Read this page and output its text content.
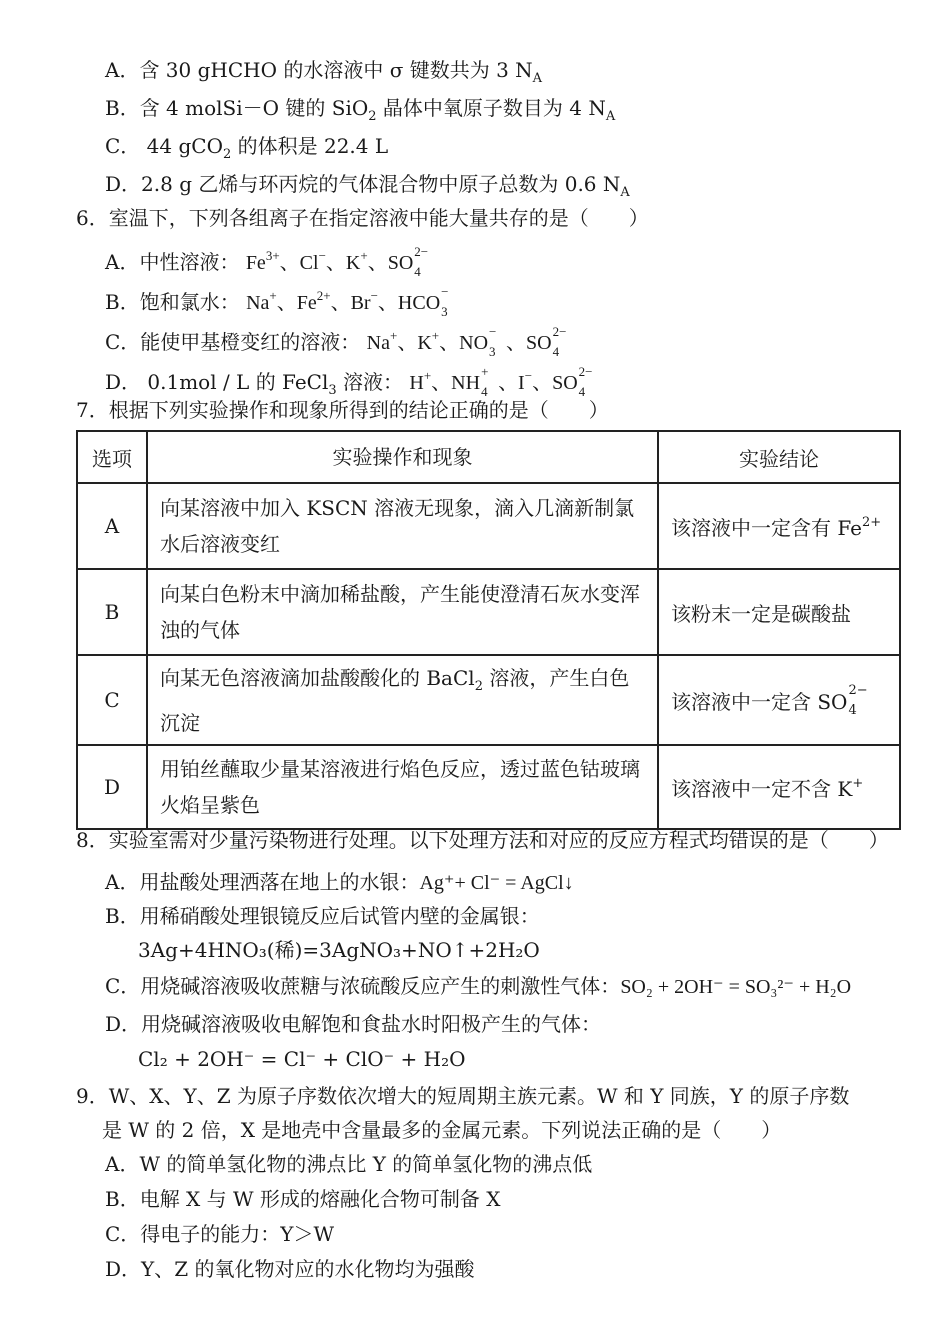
A．含 30 gHCHO 的水溶液中 σ 键数共为 3 $N_A$
B．含 4 molSi－O 键的 SiO$_2$ 晶体中氧原子数目为 4 $N_A$
C． 44 gCO$_2$ 的体积是 22.4 L
D．2.8 g 乙烯与环丙烷的气体混合物中原子总数为 0.6 $N_A$
6．室温下，下列各组离子在指定溶液中能大量共存的是（　　）
A．中性溶液： $Fe^{3+}$、Cl−、K+、SO
2−
4
B．饱和氯水： Na+、$Fe^{2+}$、Br−、HCO
−
3
C．能使甲基橙变红的溶液： Na+、K+、NO
−
3 、SO
2−
4
D． 0.1mol / L 的 FeCl$_3$ 溶液： H+、NH
+
4 、I−、SO
2−
4
7．根据下列实验操作和现象所得到的结论正确的是（　　）
选项	实验操作和现象	实验结论
A	向某溶液中加入 KSCN 溶液无现象，滴入几滴新制氯水后溶液变红	该溶液中一定含有 $Fe^{2+}$
B	向某白色粉末中滴加稀盐酸，产生能使澄清石灰水变浑浊的气体	该粉末一定是碳酸盐
C	向某无色溶液滴加盐酸酸化的 BaCl$_2$ 溶液，产生白色沉淀	该溶液中一定含 SO 2−
4

D	用铂丝蘸取少量某溶液进行焰色反应，透过蓝色钴玻璃火焰呈紫色	该溶液中一定不含 K+
8．实验室需对少量污染物进行处理。以下处理方法和对应的反应方程式均错误的是（　　）
A．用盐酸处理洒落在地上的水银：Ag⁺+ Cl⁻ = AgCl↓
B．用稀硝酸处理银镜反应后试管内壁的金属银：
3Ag+4HNO₃(稀)=3AgNO₃+NO↑+2H₂O
C．用烧碱溶液吸收蔗糖与浓硫酸反应产生的刺激性气体：SO₂ + 2OH⁻ = SO₃²⁻ + H₂O
D．用烧碱溶液吸收电解饱和食盐水时阳极产生的气体：
Cl₂ + 2OH⁻ = Cl⁻ + ClO⁻ + H₂O
9．W、X、Y、Z 为原子序数依次增大的短周期主族元素。W 和 Y 同族，Y 的原子序数
是 W 的 2 倍，X 是地壳中含量最多的金属元素。下列说法正确的是（　　）
A．W 的简单氢化物的沸点比 Y 的简单氢化物的沸点低
B．电解 X 与 W 形成的熔融化合物可制备 X
C．得电子的能力：Y＞W
D．Y、Z 的氧化物对应的水化物均为强酸
